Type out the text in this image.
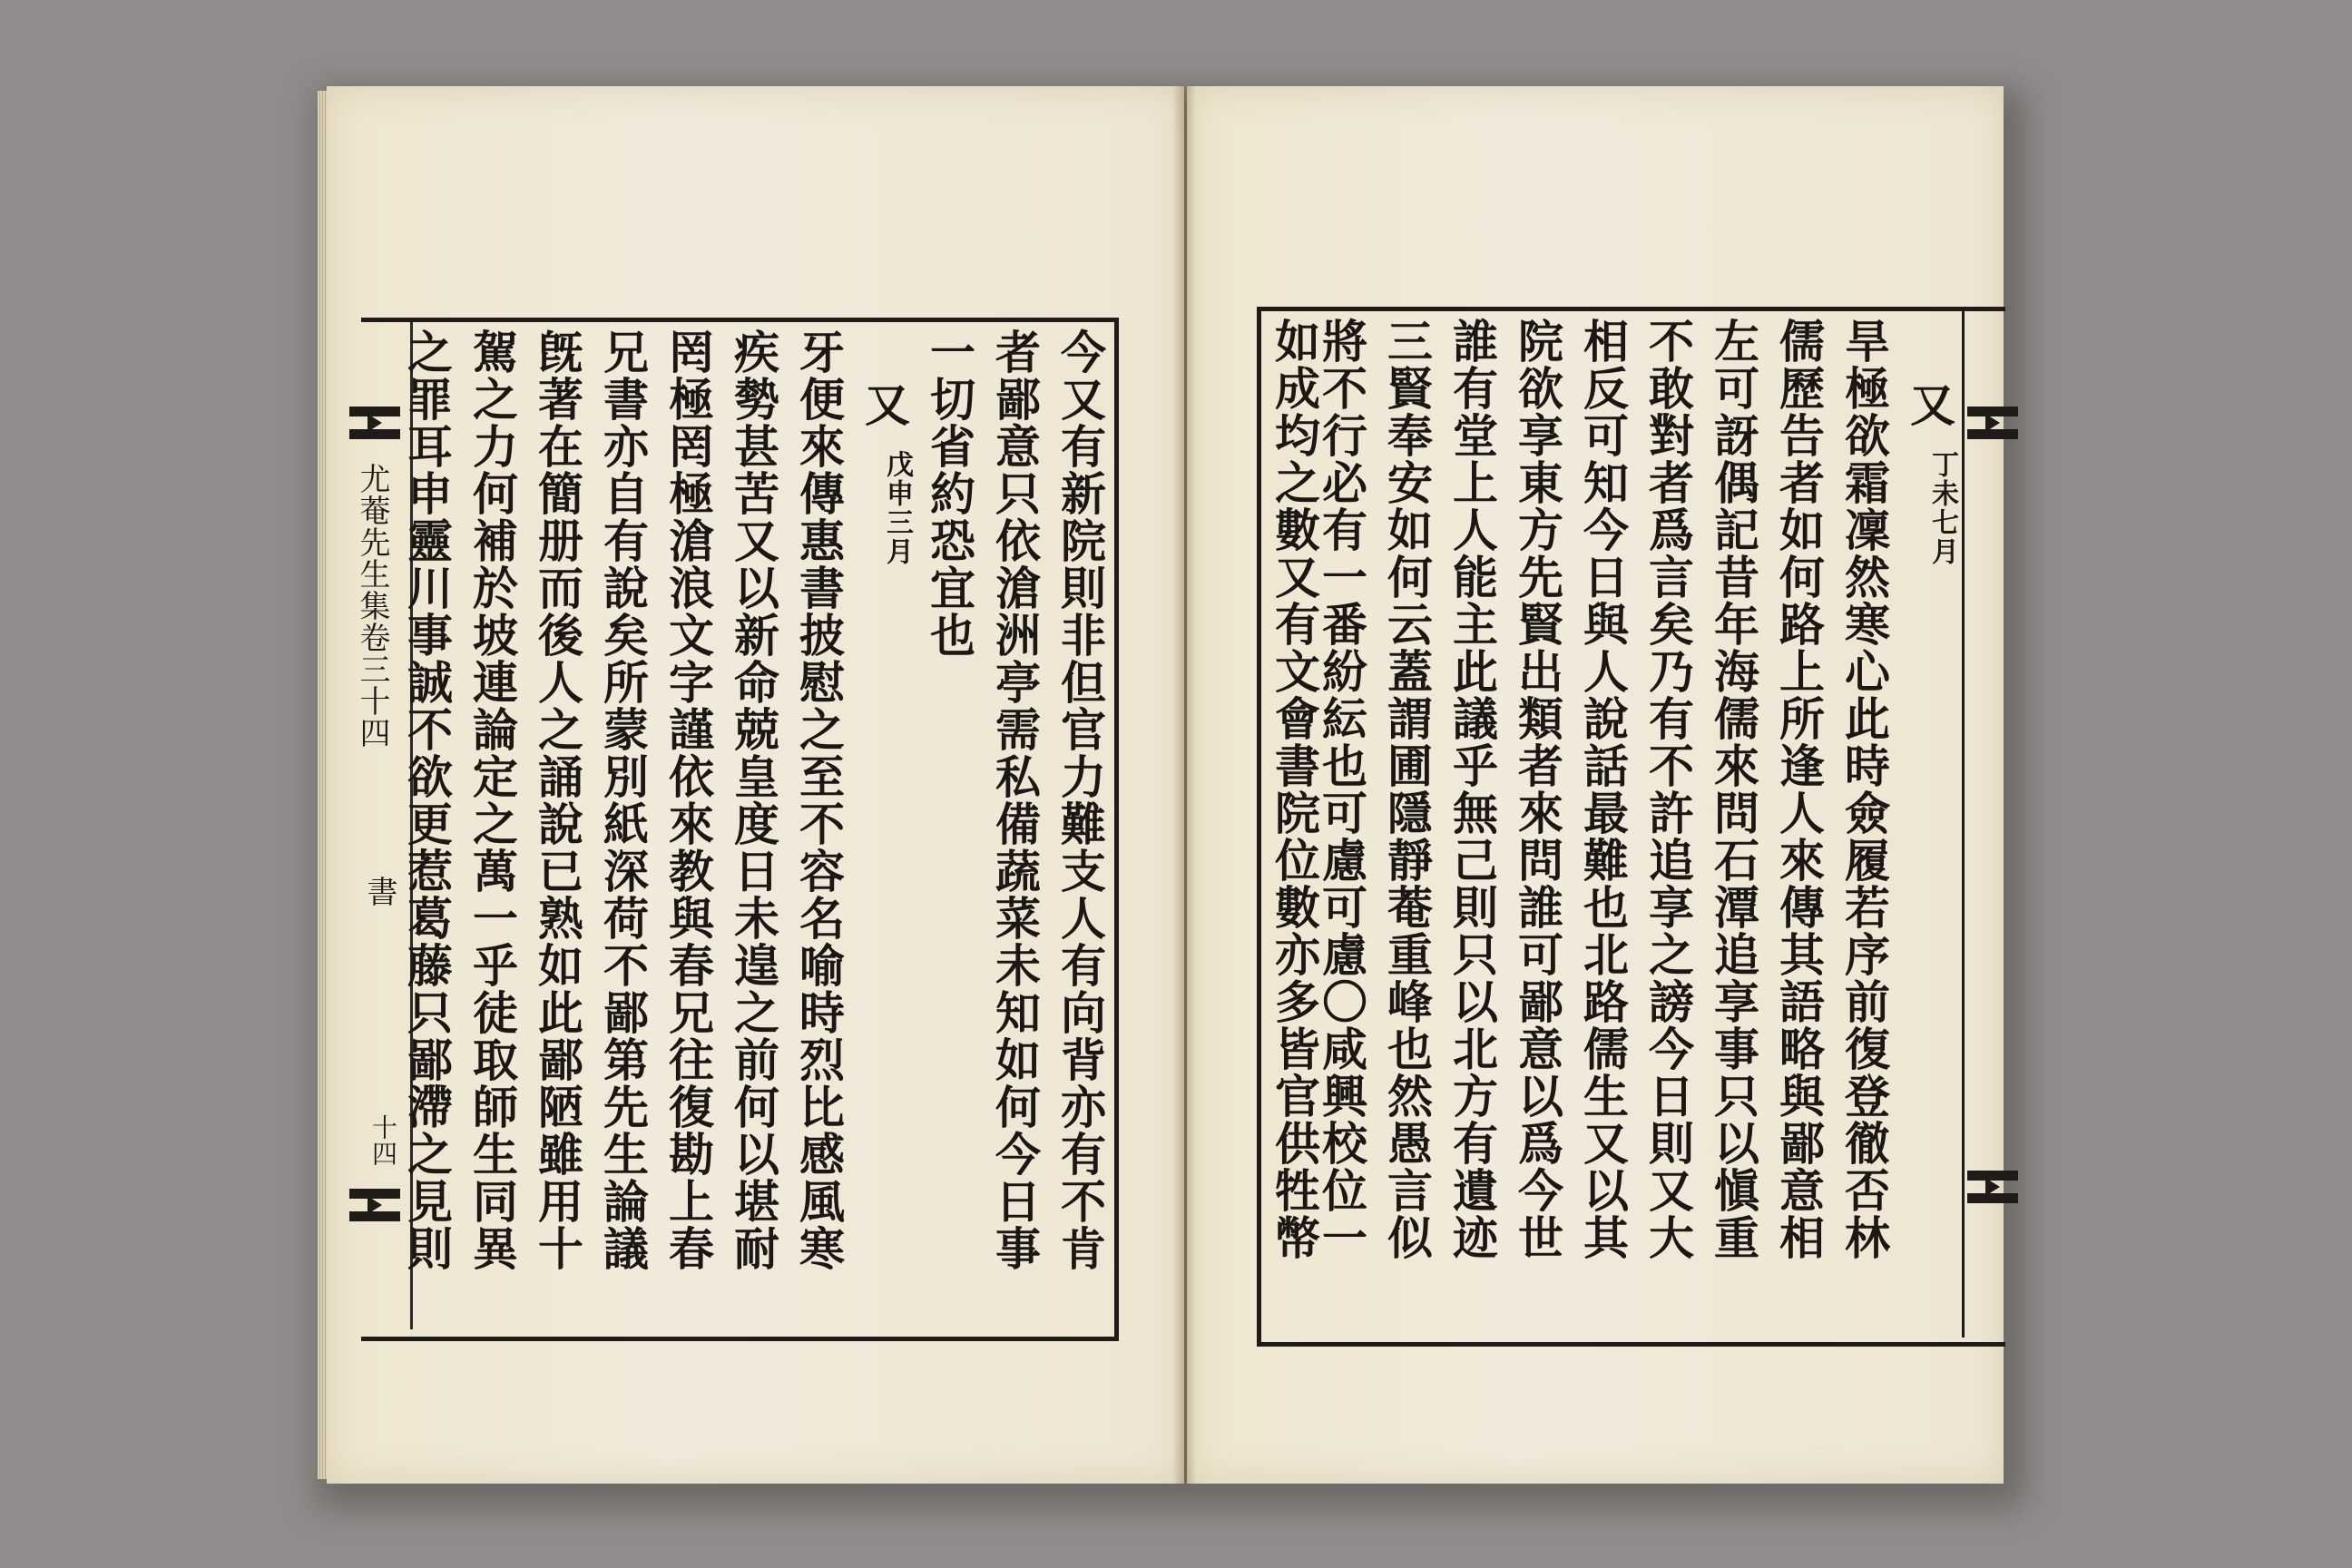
尤菴先生集卷三十四
書
十四	今又有新院則非但官力難支人有向背亦有不肯
者鄙意只依滄洲亭需私備蔬菜未知如何今日事
一切省約恐宜也
又
戊申三月
牙便來傳惠書披慰之至不容名喻時烈比感風寒
疾勢甚苦又以新命兢皇度日未遑之前何以堪耐
罔極罔極滄浪文字謹依來教與春兄往復勘上春
兄書亦自有說矣所蒙別紙深荷不鄙第先生論議
旣著在簡册而後人之誦說已熟如此鄙陋雖用十
駕之力何補於坡連論定之萬一乎徒取師生同異
之罪耳申靈川事誠不欲更惹葛藤只鄙滯之見則	又
丁未七月
旱極欲霜凜然寒心此時僉履若序前復登徹否林
儒歷告者如何路上所逢人來傳其語略與鄙意相
左可訝偶記昔年海儒來問石潭追享事只以愼重
不敢對者爲言矣乃有不許追享之謗今日則又大
相反可知今日與人說話最難也北路儒生又以其
院欲享東方先賢出類者來問誰可鄙意以爲今世
誰有堂上人能主此議乎無己則只以北方有遺迹
三賢奉安如何云蓋謂圃隱靜菴重峰也然愚言似
將不行必有一番紛紜也可慮可慮〇咸興校位一
如成均之數又有文會書院位數亦多皆官供牲幣
